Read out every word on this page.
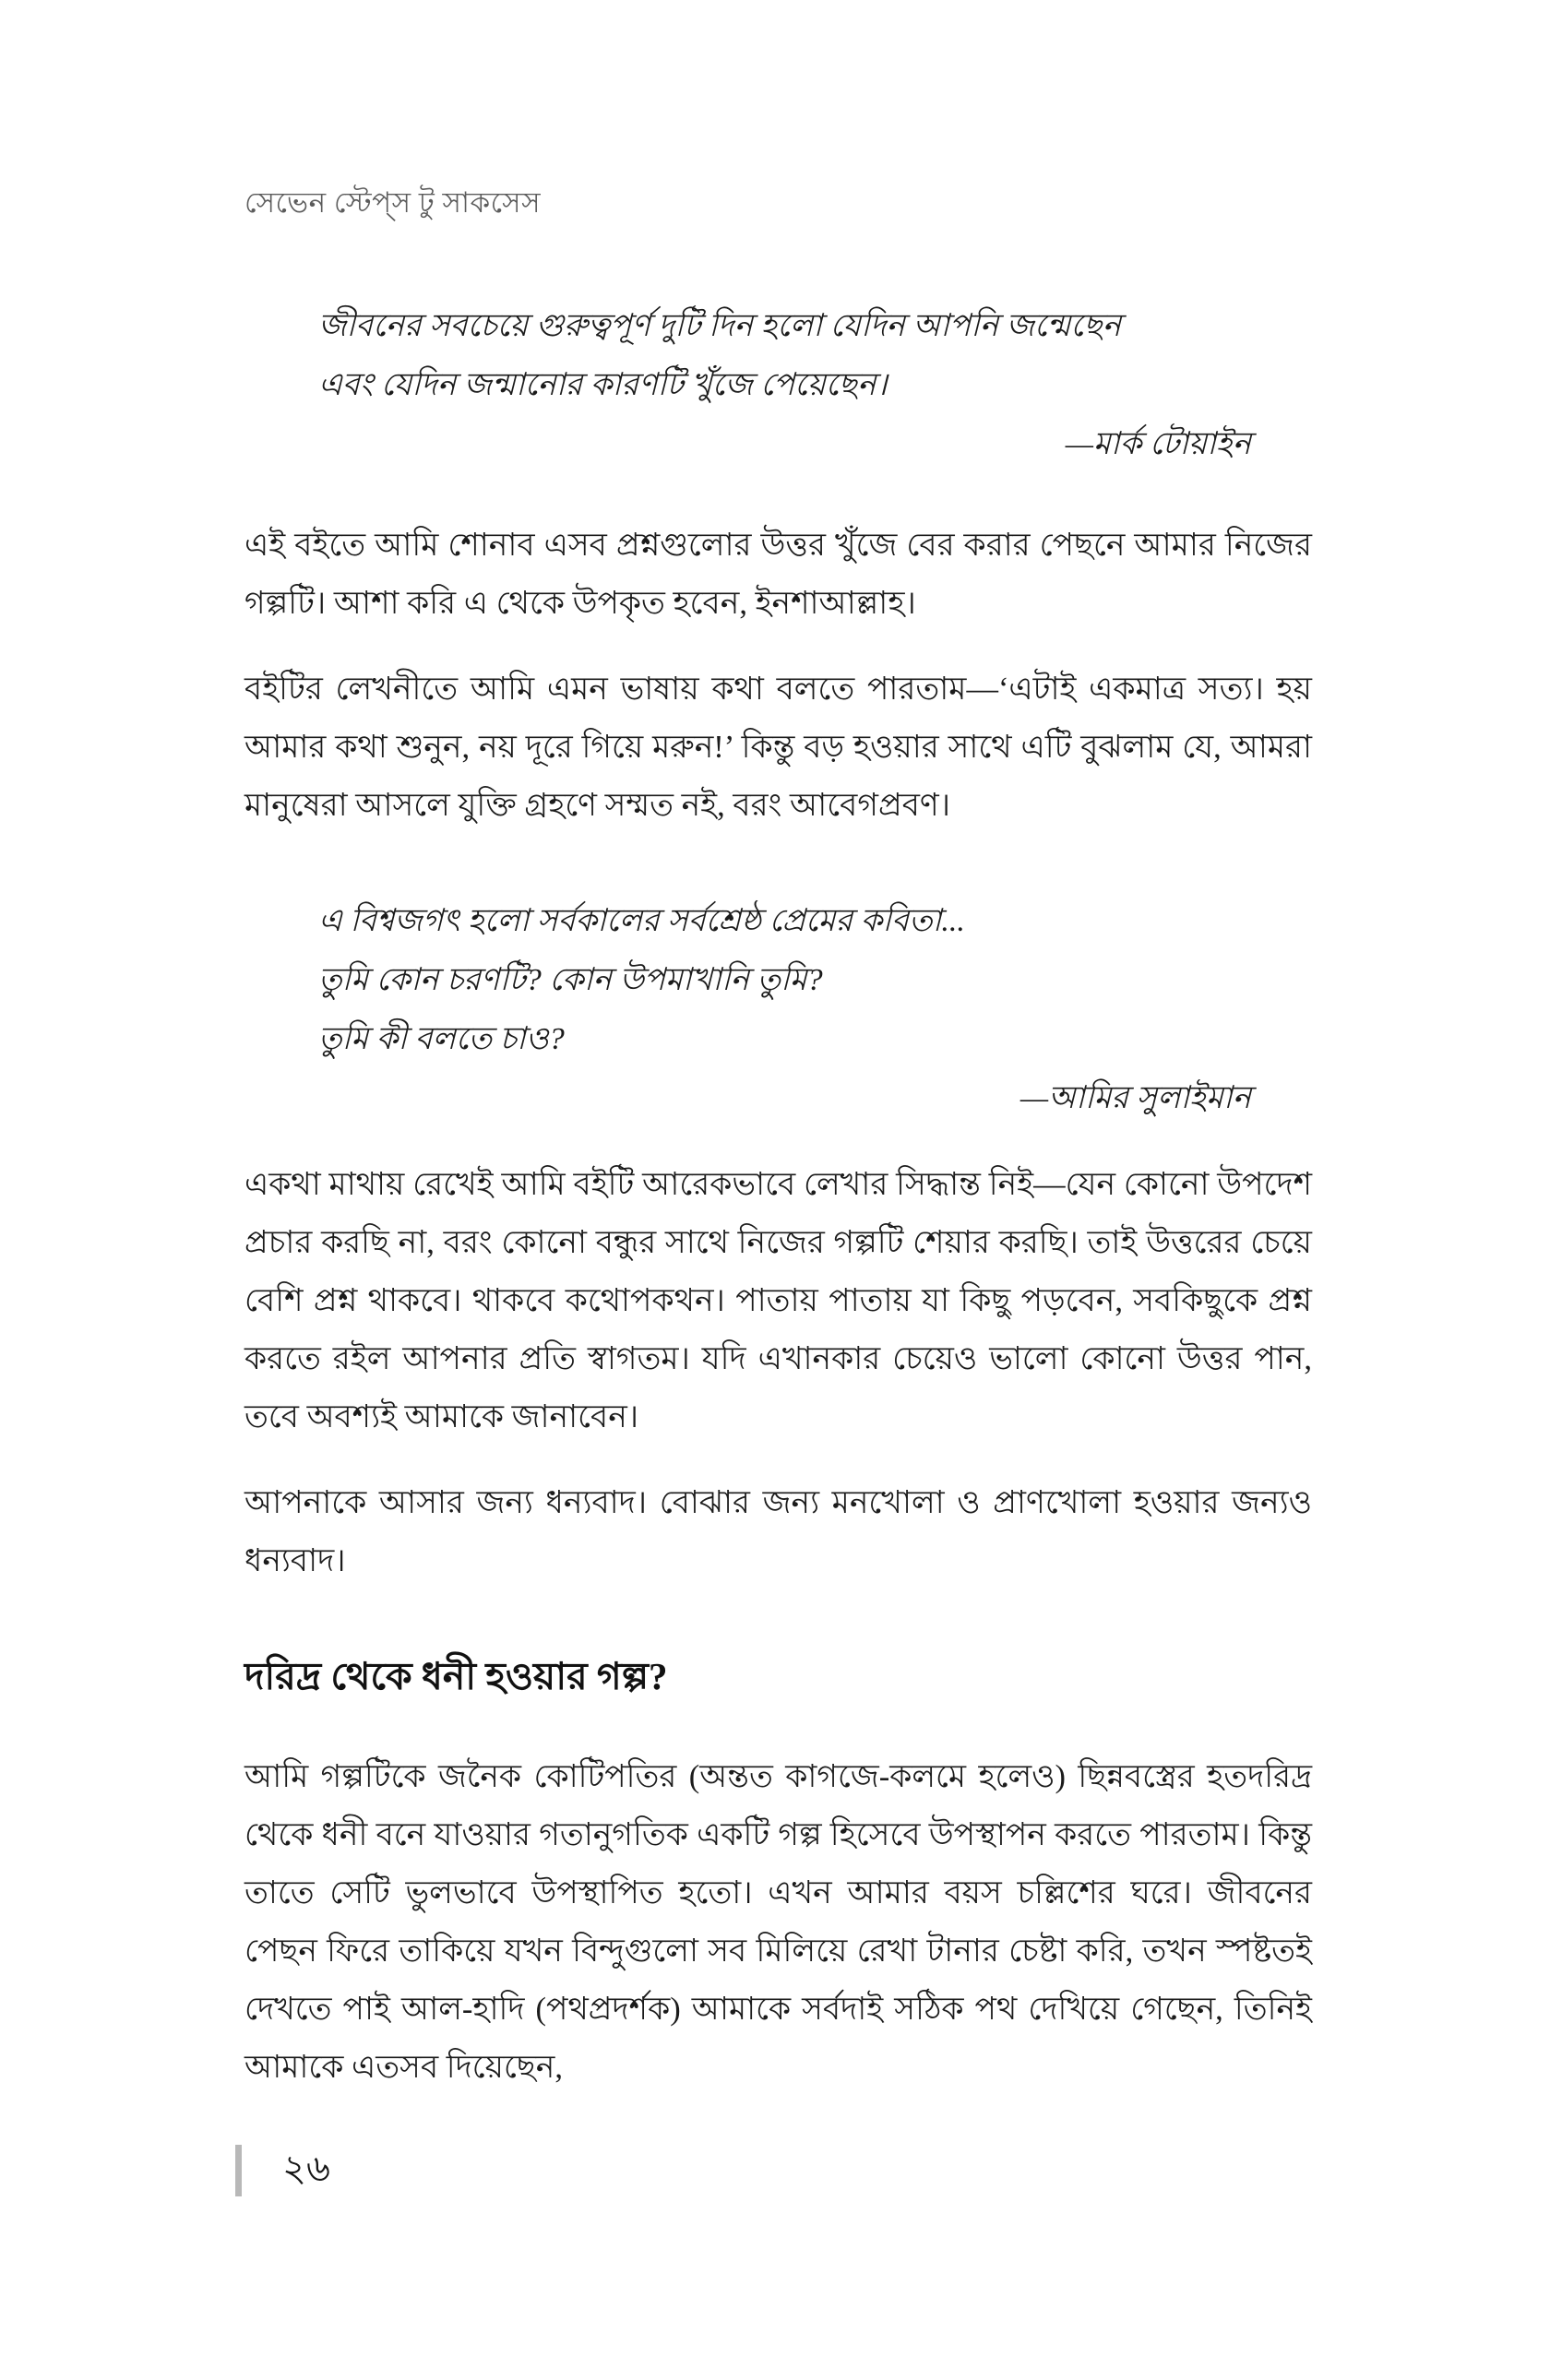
সেভেন স্টেপ্‌স টু সাকসেস
জীবনের সবচেয়ে গুরুত্বপূর্ণ দুটি দিন হলো যেদিন আপনি জন্মেছেন
এবং যেদিন জন্মানোর কারণটি খুঁজে পেয়েছেন।
—মার্ক টোয়াইন

এই বইতে আমি শোনাব এসব প্রশ্নগুলোর উত্তর খুঁজে বের করার পেছনে আমার নিজের গল্পটি। আশা করি এ থেকে উপকৃত হবেন, ইনশাআল্লাহ।

বইটির লেখনীতে আমি এমন ভাষায় কথা বলতে পারতাম—‘এটাই একমাত্র সত্য। হয় আমার কথা শুনুন, নয় দূরে গিয়ে মরুন!’ কিন্তু বড় হওয়ার সাথে এটি বুঝলাম যে, আমরা মানুষেরা আসলে যুক্তি গ্রহণে সম্মত নই, বরং আবেগপ্রবণ।

এ বিশ্বজগৎ হলো সর্বকালের সর্বশ্রেষ্ঠ প্রেমের কবিতা...
তুমি কোন চরণটি? কোন উপমাখানি তুমি?
তুমি কী বলতে চাও?
—আমির সুলাইমান

একথা মাথায় রেখেই আমি বইটি আরেকভাবে লেখার সিদ্ধান্ত নিই—যেন কোনো উপদেশ প্রচার করছি না, বরং কোনো বন্ধুর সাথে নিজের গল্পটি শেয়ার করছি। তাই উত্তরের চেয়ে বেশি প্রশ্ন থাকবে। থাকবে কথোপকথন। পাতায় পাতায় যা কিছু পড়বেন, সবকিছুকে প্রশ্ন করতে রইল আপনার প্রতি স্বাগতম। যদি এখানকার চেয়েও ভালো কোনো উত্তর পান, তবে অবশ্যই আমাকে জানাবেন।

আপনাকে আসার জন্য ধন্যবাদ। বোঝার জন্য মনখোলা ও প্রাণখোলা হওয়ার জন্যও ধন্যবাদ।

দরিদ্র থেকে ধনী হওয়ার গল্প?

আমি গল্পটিকে জনৈক কোটিপতির (অন্তত কাগজে-কলমে হলেও) ছিন্নবস্ত্রের হতদরিদ্র থেকে ধনী বনে যাওয়ার গতানুগতিক একটি গল্প হিসেবে উপস্থাপন করতে পারতাম। কিন্তু তাতে সেটি ভুলভাবে উপস্থাপিত হতো। এখন আমার বয়স চল্লিশের ঘরে। জীবনের পেছন ফিরে তাকিয়ে যখন বিন্দুগুলো সব মিলিয়ে রেখা টানার চেষ্টা করি, তখন স্পষ্টতই দেখতে পাই আল-হাদি (পথপ্রদর্শক) আমাকে সর্বদাই সঠিক পথ দেখিয়ে গেছেন, তিনিই আমাকে এতসব দিয়েছেন,

২৬
